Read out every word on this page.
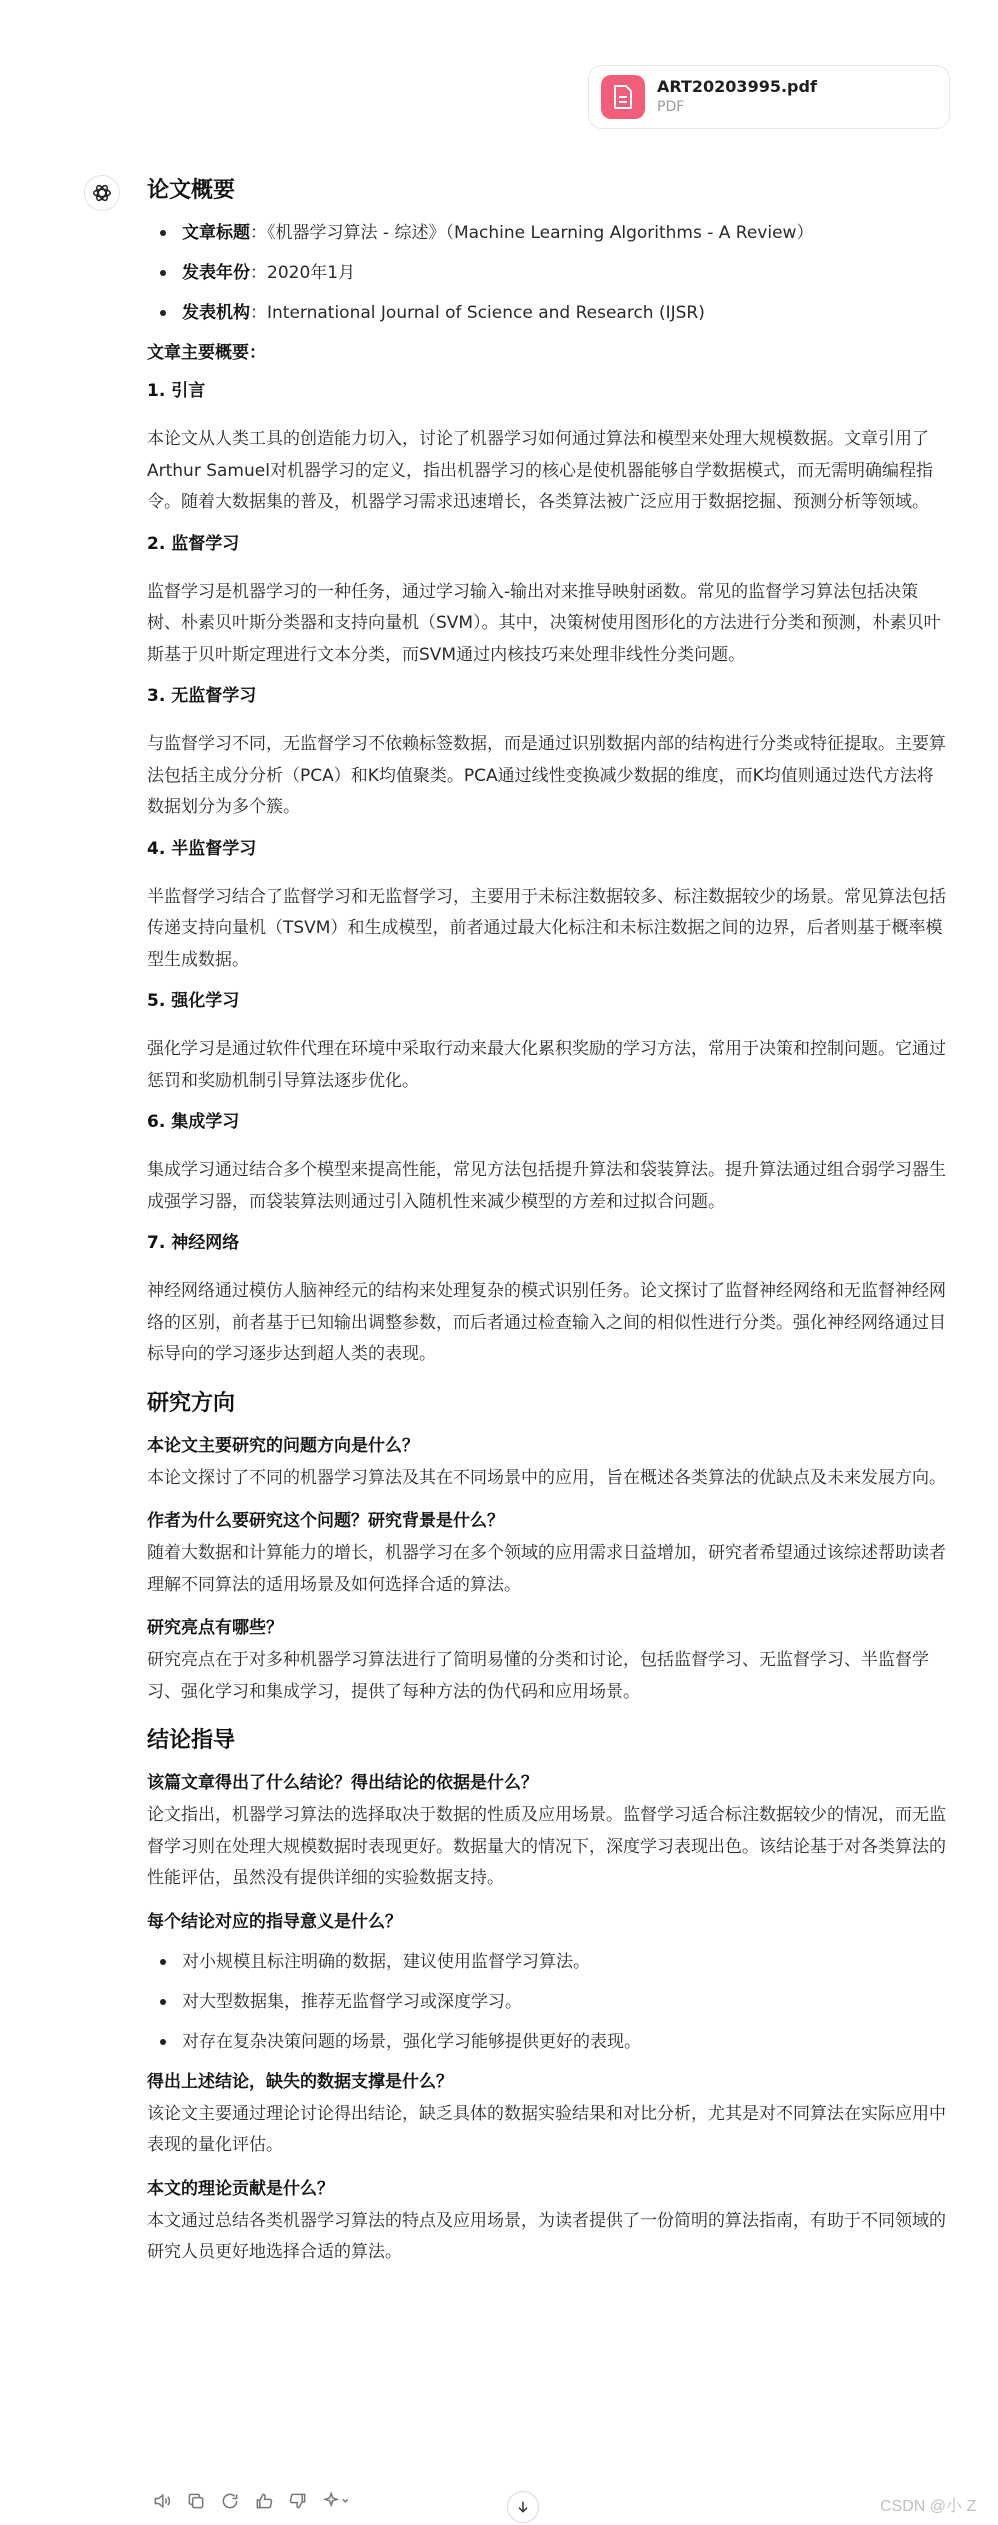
ART20203995.pdf
PDF
论文概要
文章标题：《机器学习算法 - 综述》（Machine Learning Algorithms - A Review）
发表年份：2020年1月
发表机构：International Journal of Science and Research (IJSR)
文章主要概要：
1. 引言
本论文从人类工具的创造能力切入，讨论了机器学习如何通过算法和模型来处理大规模数据。文章引用了Arthur Samuel对机器学习的定义，指出机器学习的核心是使机器能够自学数据模式，而无需明确编程指令。随着大数据集的普及，机器学习需求迅速增长，各类算法被广泛应用于数据挖掘、预测分析等领域。
2. 监督学习
监督学习是机器学习的一种任务，通过学习输入-输出对来推导映射函数。常见的监督学习算法包括决策树、朴素贝叶斯分类器和支持向量机（SVM）。其中，决策树使用图形化的方法进行分类和预测，朴素贝叶斯基于贝叶斯定理进行文本分类，而SVM通过内核技巧来处理非线性分类问题。
3. 无监督学习
与监督学习不同，无监督学习不依赖标签数据，而是通过识别数据内部的结构进行分类或特征提取。主要算法包括主成分分析（PCA）和K均值聚类。PCA通过线性变换减少数据的维度，而K均值则通过迭代方法将数据划分为多个簇。
4. 半监督学习
半监督学习结合了监督学习和无监督学习，主要用于未标注数据较多、标注数据较少的场景。常见算法包括传递支持向量机（TSVM）和生成模型，前者通过最大化标注和未标注数据之间的边界，后者则基于概率模型生成数据。
5. 强化学习
强化学习是通过软件代理在环境中采取行动来最大化累积奖励的学习方法，常用于决策和控制问题。它通过惩罚和奖励机制引导算法逐步优化。
6. 集成学习
集成学习通过结合多个模型来提高性能，常见方法包括提升算法和袋装算法。提升算法通过组合弱学习器生成强学习器，而袋装算法则通过引入随机性来减少模型的方差和过拟合问题。
7. 神经网络
神经网络通过模仿人脑神经元的结构来处理复杂的模式识别任务。论文探讨了监督神经网络和无监督神经网络的区别，前者基于已知输出调整参数，而后者通过检查输入之间的相似性进行分类。强化神经网络通过目标导向的学习逐步达到超人类的表现。
研究方向
本论文主要研究的问题方向是什么？
本论文探讨了不同的机器学习算法及其在不同场景中的应用，旨在概述各类算法的优缺点及未来发展方向。
作者为什么要研究这个问题？研究背景是什么？
随着大数据和计算能力的增长，机器学习在多个领域的应用需求日益增加，研究者希望通过该综述帮助读者理解不同算法的适用场景及如何选择合适的算法。
研究亮点有哪些？
研究亮点在于对多种机器学习算法进行了简明易懂的分类和讨论，包括监督学习、无监督学习、半监督学习、强化学习和集成学习，提供了每种方法的伪代码和应用场景。
结论指导
该篇文章得出了什么结论？得出结论的依据是什么？
论文指出，机器学习算法的选择取决于数据的性质及应用场景。监督学习适合标注数据较少的情况，而无监督学习则在处理大规模数据时表现更好。数据量大的情况下，深度学习表现出色。该结论基于对各类算法的性能评估，虽然没有提供详细的实验数据支持。
每个结论对应的指导意义是什么？
对小规模且标注明确的数据，建议使用监督学习算法。
对大型数据集，推荐无监督学习或深度学习。
对存在复杂决策问题的场景，强化学习能够提供更好的表现。
得出上述结论，缺失的数据支撑是什么？
该论文主要通过理论讨论得出结论，缺乏具体的数据实验结果和对比分析，尤其是对不同算法在实际应用中表现的量化评估。
本文的理论贡献是什么？
本文通过总结各类机器学习算法的特点及应用场景，为读者提供了一份简明的算法指南，有助于不同领域的研究人员更好地选择合适的算法。
CSDN @小 Z
